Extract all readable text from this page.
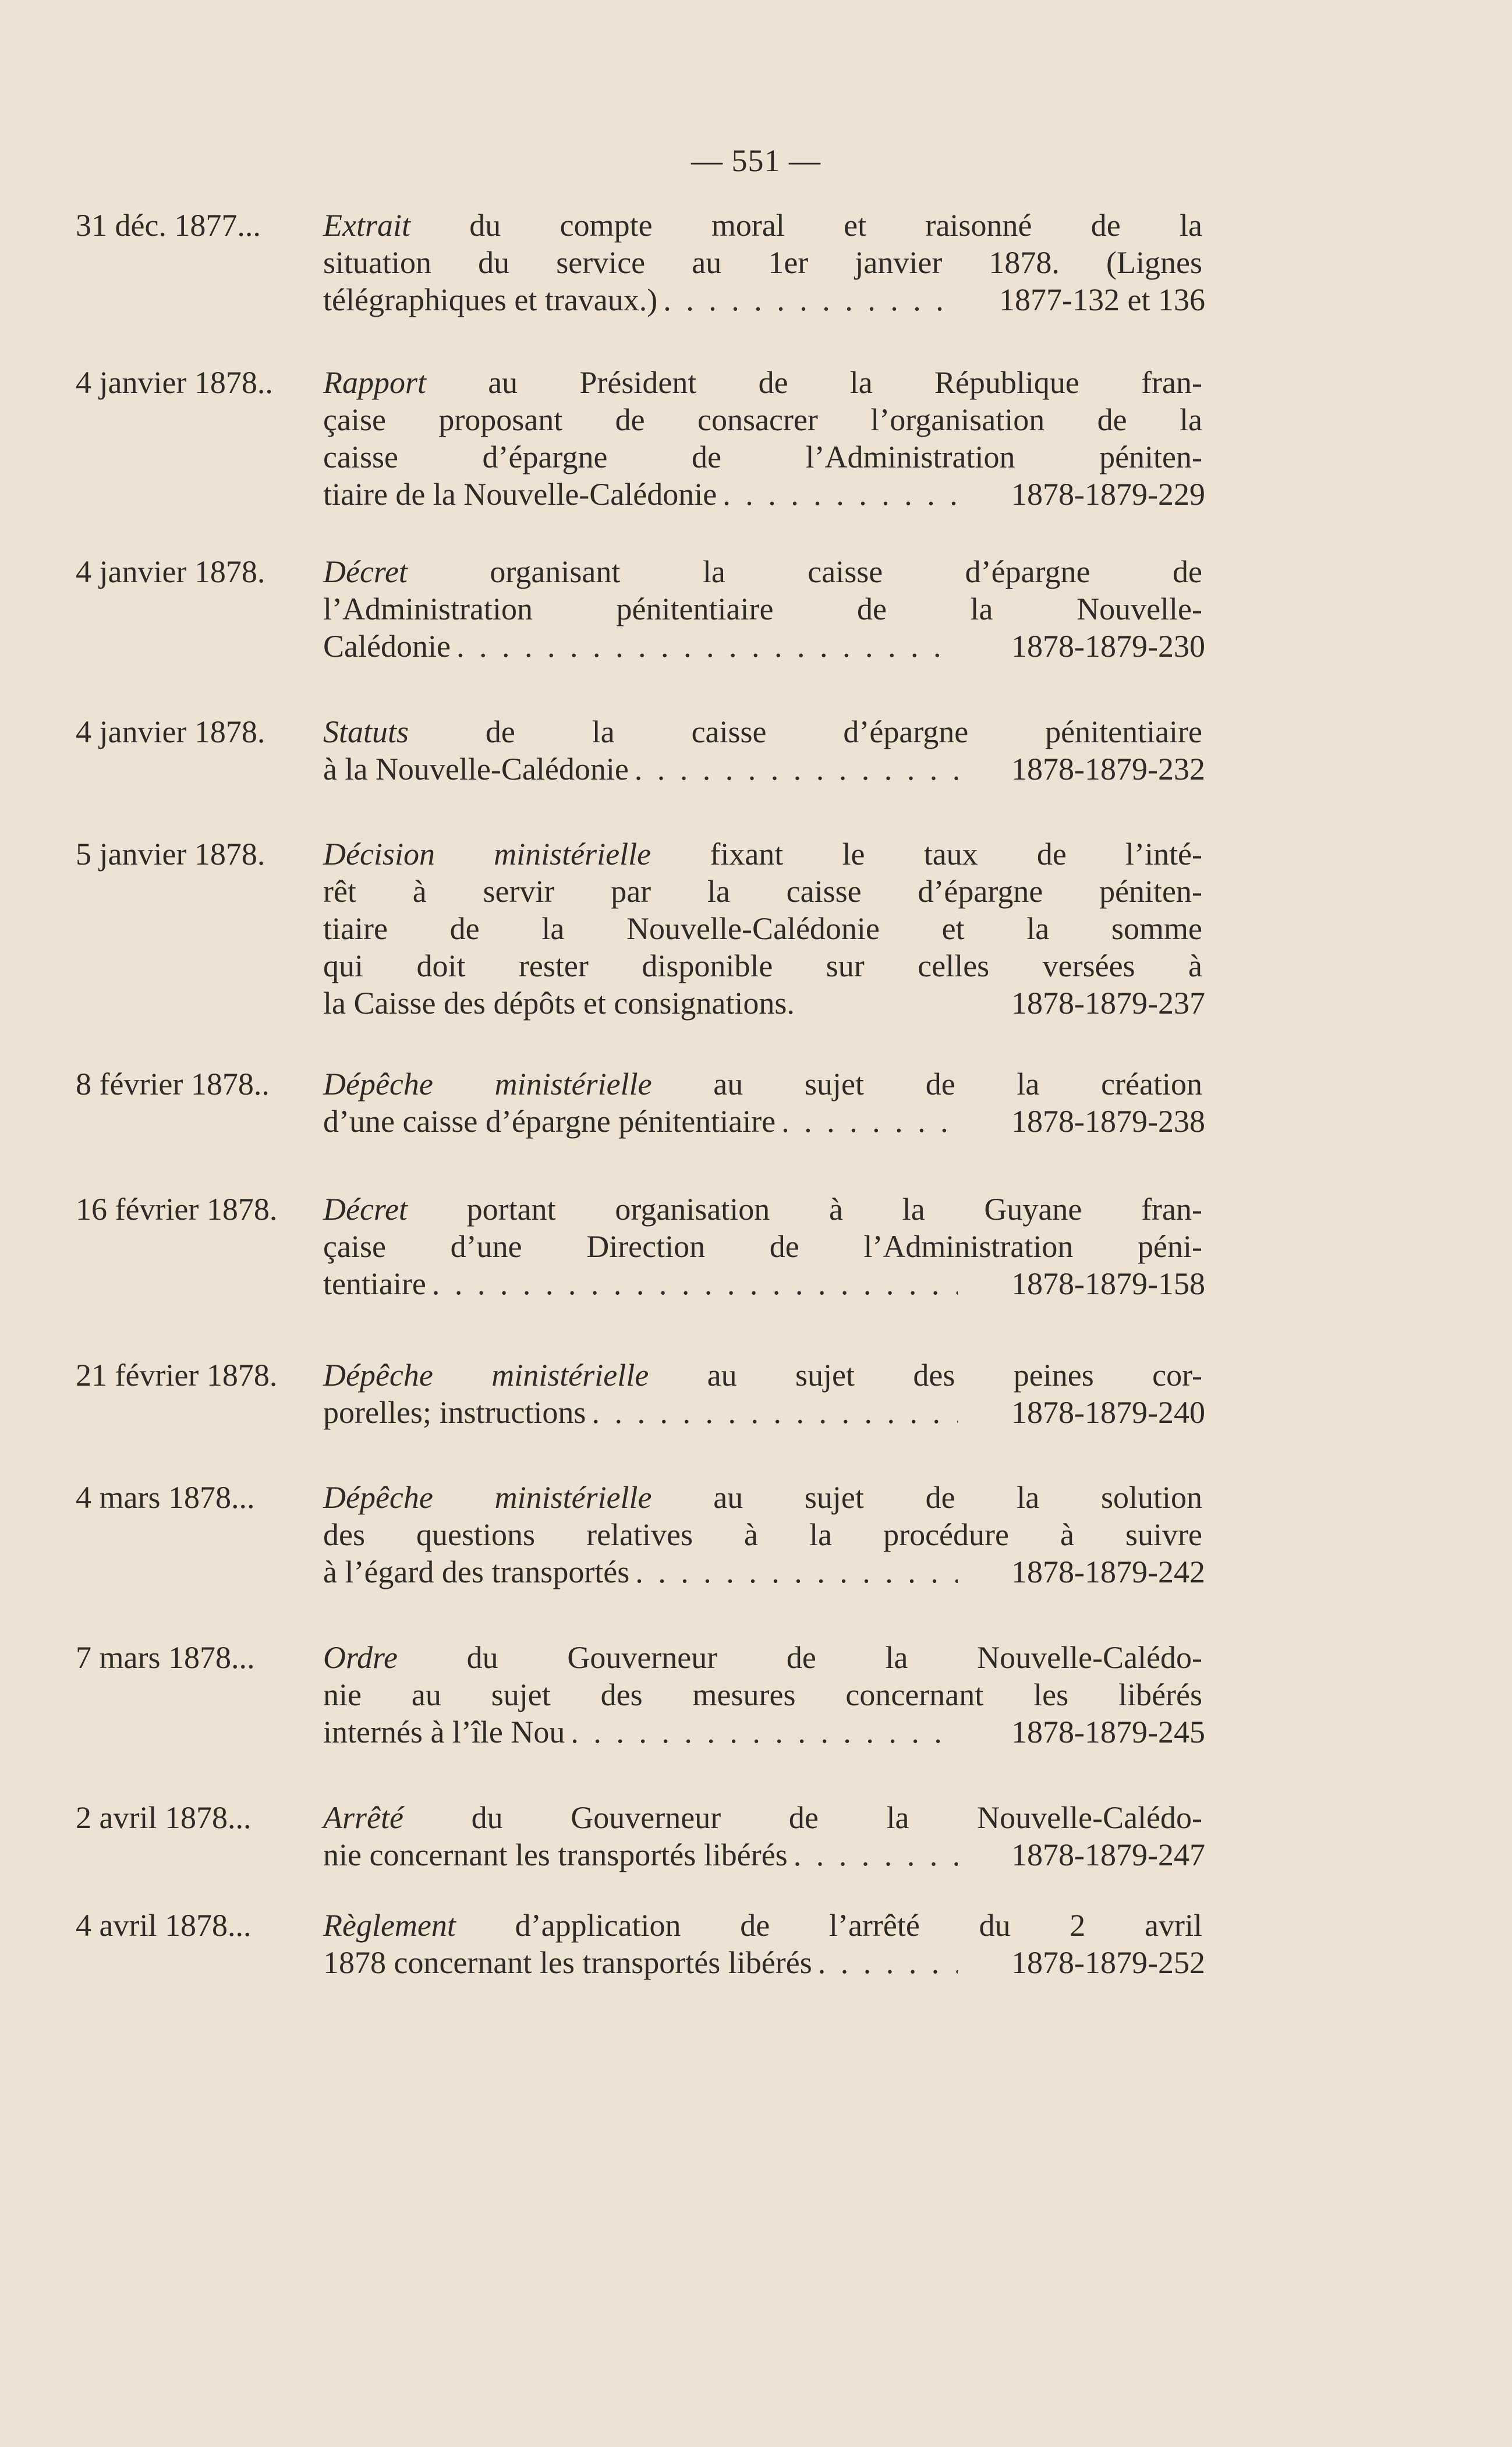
— 551 —
31 déc. 1877...	Extrait du compte moral et raisonné de la
situation du service au 1er janvier 1878. (Lignes
télégraphiques et travaux.) . . .	1877-132 et 136
4 janvier 1878..	Rapport au Président de la République fran-
çaise proposant de consacrer l’organisation de la
caisse d’épargne de l’Administration péniten-
tiaire de la Nouvelle-Calédonie . . .	1878-1879-229
4 janvier 1878.	Décret organisant la caisse d’épargne de
l’Administration pénitentiaire de la Nouvelle-
Calédonie . . .	1878-1879-230
4 janvier 1878.	Statuts de la caisse d’épargne pénitentiaire
à la Nouvelle-Calédonie . . .	1878-1879-232
5 janvier 1878.	Décision ministérielle fixant le taux de l’inté-
rêt à servir par la caisse d’épargne péniten-
tiaire de la Nouvelle-Calédonie et la somme
qui doit rester disponible sur celles versées à
la Caisse des dépôts et consignations.	1878-1879-237
8 février 1878..	Dépêche ministérielle au sujet de la création
d’une caisse d’épargne pénitentiaire . . .	1878-1879-238
16 février 1878.	Décret portant organisation à la Guyane fran-
çaise d’une Direction de l’Administration péni-
tentiaire . . .	1878-1879-158
21 février 1878.	Dépêche ministérielle au sujet des peines cor-
porelles; instructions . . .	1878-1879-240
4 mars 1878...	Dépêche ministérielle au sujet de la solution
des questions relatives à la procédure à suivre
à l’égard des transportés . . .	1878-1879-242
7 mars 1878...	Ordre du Gouverneur de la Nouvelle-Calédo-
nie au sujet des mesures concernant les libérés
internés à l’île Nou . . .	1878-1879-245
2 avril 1878...	Arrêté du Gouverneur de la Nouvelle-Calédo-
nie concernant les transportés libérés . . .	1878-1879-247
4 avril 1878...	Règlement d’application de l’arrêté du 2 avril
1878 concernant les transportés libérés . . .	1878-1879-252
